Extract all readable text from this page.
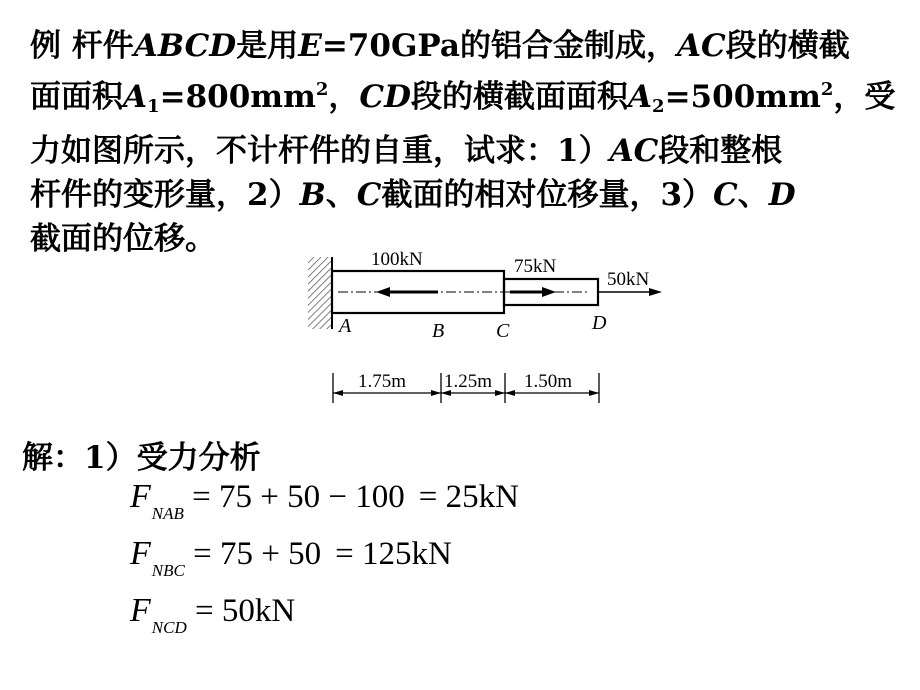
例 杆件ABCD是用E=70GPa的铝合金制成，AC段的横截
面面积$A_1=800mm^2$，CD段的横截面面积$A_2=500mm^2$，受
力如图所示，不计杆件的自重，试求：1）AC段和整根
杆件的变形量，2）B、C截面的相对位移量，3）C、D
截面的位移。
100kN	75kN
50kN
A	B	C	D
1.75m 1.25m 1.50m
解：1）受力分析
$F_{NAB} = 75 + 50 - 100 = 25kN$
$F_{NBC} = 75 + 50 = 125kN$
$F_{NCD} = 50kN$
